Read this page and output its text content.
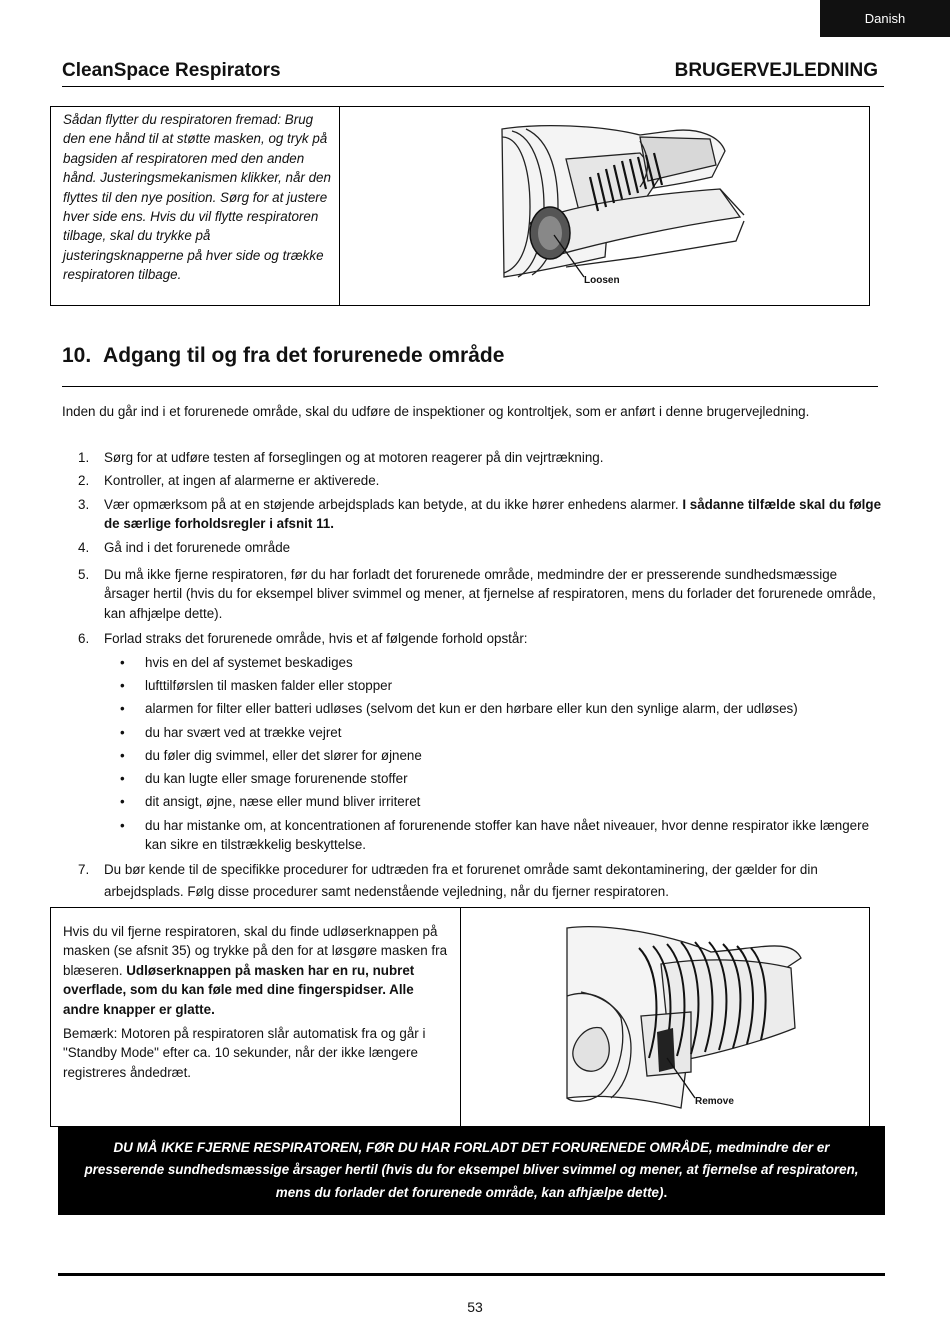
Danish
CleanSpace Respirators	BRUGERVEJLEDNING
Sådan flytter du respiratoren fremad: Brug den ene hånd til at støtte masken, og tryk på bagsiden af respiratoren med den anden hånd. Justeringsmekanismen klikker, når den flyttes til den nye position. Sørg for at justere hver side ens. Hvis du vil flytte respiratoren tilbage, skal du trykke på justeringsknapperne på hver side og trække respiratoren tilbage.	Loosen
10. Adgang til og fra det forurenede område
Inden du går ind i et forurenede område, skal du udføre de inspektioner og kontroltjek, som er anført i denne brugervejledning.
1. Sørg for at udføre testen af forseglingen og at motoren reagerer på din vejrtrækning.
2. Kontroller, at ingen af alarmerne er aktiverede.
3. Vær opmærksom på at en støjende arbejdsplads kan betyde, at du ikke hører enhedens alarmer. I sådanne tilfælde skal du følge de særlige forholdsregler i afsnit 11.
4. Gå ind i det forurenede område
5. Du må ikke fjerne respiratoren, før du har forladt det forurenede område, medmindre der er presserende sundhedsmæssige årsager hertil (hvis du for eksempel bliver svimmel og mener, at fjernelse af respiratoren, mens du forlader det forurenede område, kan afhjælpe dette).
6. Forlad straks det forurenede område, hvis et af følgende forhold opstår:
• hvis en del af systemet beskadiges
• lufttilførslen til masken falder eller stopper
• alarmen for filter eller batteri udløses (selvom det kun er den hørbare eller kun den synlige alarm, der udløses)
• du har svært ved at trække vejret
• du føler dig svimmel, eller det slører for øjnene
• du kan lugte eller smage forurenende stoffer
• dit ansigt, øjne, næse eller mund bliver irriteret
• du har mistanke om, at koncentrationen af forurenende stoffer kan have nået niveauer, hvor denne respirator ikke længere kan sikre en tilstrækkelig beskyttelse.
7. Du bør kende til de specifikke procedurer for udtræden fra et forurenet område samt dekontaminering, der gælder for din arbejdsplads. Følg disse procedurer samt nedenstående vejledning, når du fjerner respiratoren.

Hvis du vil fjerne respiratoren, skal du finde udløserknappen på masken (se afsnit 35) og trykke på den for at løsgøre masken fra blæseren. Udløserknappen på masken har en ru, nubret overflade, som du kan føle med dine fingerspidser. Alle andre knapper er glatte.

Bemærk: Motoren på respiratoren slår automatisk fra og går i "Standby Mode" efter ca. 10 sekunder, når der ikke længere registreres åndedræt.

Remove
DU MÅ IKKE FJERNE RESPIRATOREN, FØR DU HAR FORLADT DET FORURENEDE OMRÅDE, medmindre der er presserende sundhedsmæssige årsager hertil (hvis du for eksempel bliver svimmel og mener, at fjernelse af respiratoren, mens du forlader det forurenede område, kan afhjælpe dette).
53
